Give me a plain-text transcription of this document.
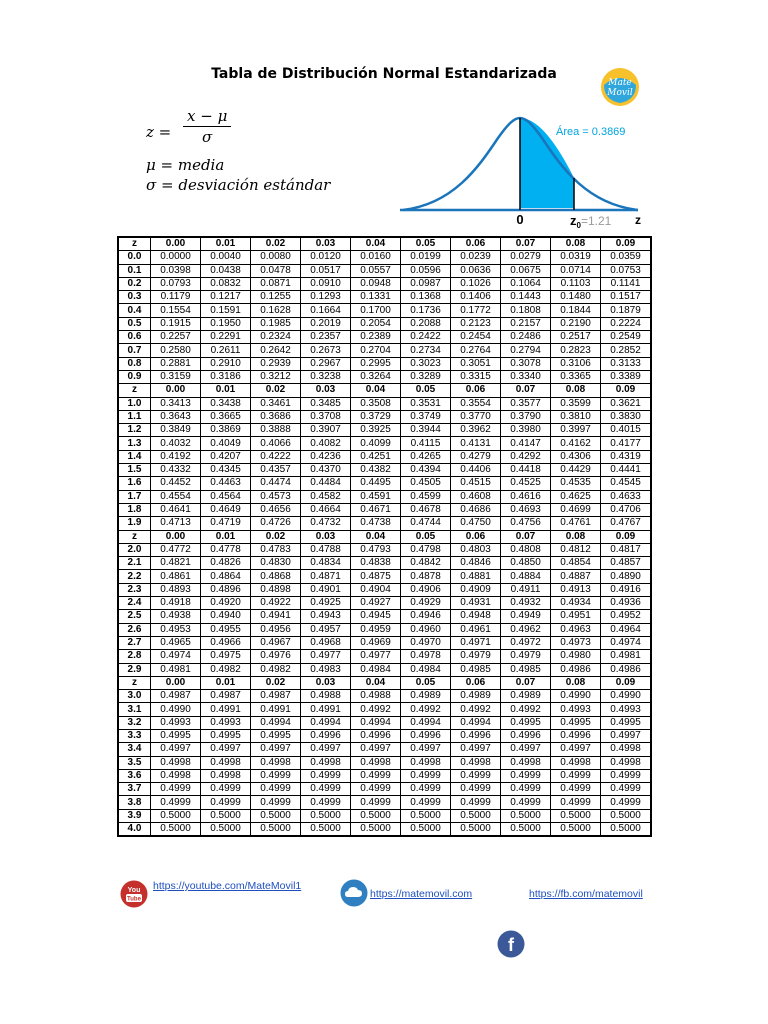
Tabla de Distribución Normal Estandarizada
Mate
Movil
$z = \frac{x - \mu}{\sigma}$
μ = media
σ = desviación estándar
Área = 0.3869
0	$z_0=1.21$ z
z	0.00	0.01	0.02	0.03	0.04	0.05	0.06	0.07	0.08	0.09
0.0	0.0000	0.0040	0.0080	0.0120	0.0160	0.0199	0.0239	0.0279	0.0319	0.0359
0.1	0.0398	0.0438	0.0478	0.0517	0.0557	0.0596	0.0636	0.0675	0.0714	0.0753
0.2	0.0793	0.0832	0.0871	0.0910	0.0948	0.0987	0.1026	0.1064	0.1103	0.1141
0.3	0.1179	0.1217	0.1255	0.1293	0.1331	0.1368	0.1406	0.1443	0.1480	0.1517
0.4	0.1554	0.1591	0.1628	0.1664	0.1700	0.1736	0.1772	0.1808	0.1844	0.1879
0.5	0.1915	0.1950	0.1985	0.2019	0.2054	0.2088	0.2123	0.2157	0.2190	0.2224
0.6	0.2257	0.2291	0.2324	0.2357	0.2389	0.2422	0.2454	0.2486	0.2517	0.2549
0.7	0.2580	0.2611	0.2642	0.2673	0.2704	0.2734	0.2764	0.2794	0.2823	0.2852
0.8	0.2881	0.2910	0.2939	0.2967	0.2995	0.3023	0.3051	0.3078	0.3106	0.3133
0.9	0.3159	0.3186	0.3212	0.3238	0.3264	0.3289	0.3315	0.3340	0.3365	0.3389
z	0.00	0.01	0.02	0.03	0.04	0.05	0.06	0.07	0.08	0.09
1.0	0.3413	0.3438	0.3461	0.3485	0.3508	0.3531	0.3554	0.3577	0.3599	0.3621
1.1	0.3643	0.3665	0.3686	0.3708	0.3729	0.3749	0.3770	0.3790	0.3810	0.3830
1.2	0.3849	0.3869	0.3888	0.3907	0.3925	0.3944	0.3962	0.3980	0.3997	0.4015
1.3	0.4032	0.4049	0.4066	0.4082	0.4099	0.4115	0.4131	0.4147	0.4162	0.4177
1.4	0.4192	0.4207	0.4222	0.4236	0.4251	0.4265	0.4279	0.4292	0.4306	0.4319
1.5	0.4332	0.4345	0.4357	0.4370	0.4382	0.4394	0.4406	0.4418	0.4429	0.4441
1.6	0.4452	0.4463	0.4474	0.4484	0.4495	0.4505	0.4515	0.4525	0.4535	0.4545
1.7	0.4554	0.4564	0.4573	0.4582	0.4591	0.4599	0.4608	0.4616	0.4625	0.4633
1.8	0.4641	0.4649	0.4656	0.4664	0.4671	0.4678	0.4686	0.4693	0.4699	0.4706
1.9	0.4713	0.4719	0.4726	0.4732	0.4738	0.4744	0.4750	0.4756	0.4761	0.4767
z	0.00	0.01	0.02	0.03	0.04	0.05	0.06	0.07	0.08	0.09
2.0	0.4772	0.4778	0.4783	0.4788	0.4793	0.4798	0.4803	0.4808	0.4812	0.4817
2.1	0.4821	0.4826	0.4830	0.4834	0.4838	0.4842	0.4846	0.4850	0.4854	0.4857
2.2	0.4861	0.4864	0.4868	0.4871	0.4875	0.4878	0.4881	0.4884	0.4887	0.4890
2.3	0.4893	0.4896	0.4898	0.4901	0.4904	0.4906	0.4909	0.4911	0.4913	0.4916
2.4	0.4918	0.4920	0.4922	0.4925	0.4927	0.4929	0.4931	0.4932	0.4934	0.4936
2.5	0.4938	0.4940	0.4941	0.4943	0.4945	0.4946	0.4948	0.4949	0.4951	0.4952
2.6	0.4953	0.4955	0.4956	0.4957	0.4959	0.4960	0.4961	0.4962	0.4963	0.4964
2.7	0.4965	0.4966	0.4967	0.4968	0.4969	0.4970	0.4971	0.4972	0.4973	0.4974
2.8	0.4974	0.4975	0.4976	0.4977	0.4977	0.4978	0.4979	0.4979	0.4980	0.4981
2.9	0.4981	0.4982	0.4982	0.4983	0.4984	0.4984	0.4985	0.4985	0.4986	0.4986
z	0.00	0.01	0.02	0.03	0.04	0.05	0.06	0.07	0.08	0.09
3.0	0.4987	0.4987	0.4987	0.4988	0.4988	0.4989	0.4989	0.4989	0.4990	0.4990
3.1	0.4990	0.4991	0.4991	0.4991	0.4992	0.4992	0.4992	0.4992	0.4993	0.4993
3.2	0.4993	0.4993	0.4994	0.4994	0.4994	0.4994	0.4994	0.4995	0.4995	0.4995
3.3	0.4995	0.4995	0.4995	0.4996	0.4996	0.4996	0.4996	0.4996	0.4996	0.4997
3.4	0.4997	0.4997	0.4997	0.4997	0.4997	0.4997	0.4997	0.4997	0.4997	0.4998
3.5	0.4998	0.4998	0.4998	0.4998	0.4998	0.4998	0.4998	0.4998	0.4998	0.4998
3.6	0.4998	0.4998	0.4999	0.4999	0.4999	0.4999	0.4999	0.4999	0.4999	0.4999
3.7	0.4999	0.4999	0.4999	0.4999	0.4999	0.4999	0.4999	0.4999	0.4999	0.4999
3.8	0.4999	0.4999	0.4999	0.4999	0.4999	0.4999	0.4999	0.4999	0.4999	0.4999
3.9	0.5000	0.5000	0.5000	0.5000	0.5000	0.5000	0.5000	0.5000	0.5000	0.5000
4.0	0.5000	0.5000	0.5000	0.5000	0.5000	0.5000	0.5000	0.5000	0.5000	0.5000
You
Tube
https://youtube.com/MateMovil1
https://matemovil.com	https://fb.com/matemovil
f
